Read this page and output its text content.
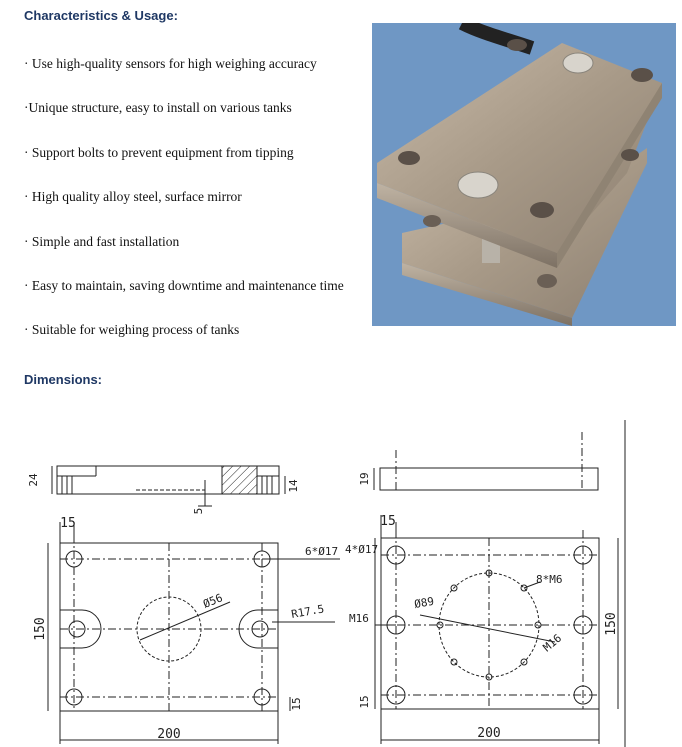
Characteristics & Usage:
· Use high-quality sensors for high weighing accuracy
·Unique structure, easy to install on various tanks
· Support bolts to prevent equipment from tipping
· High quality alloy steel, surface mirror
· Simple and fast installation
· Easy to maintain, saving downtime and maintenance time
· Suitable for weighing process of tanks
Dimensions:
24	14
5
15
6*Ø17
Ø56
R17.5
150
200
15
19
15
4*Ø17
8*M6
Ø89
M16
M16
150
200
15
